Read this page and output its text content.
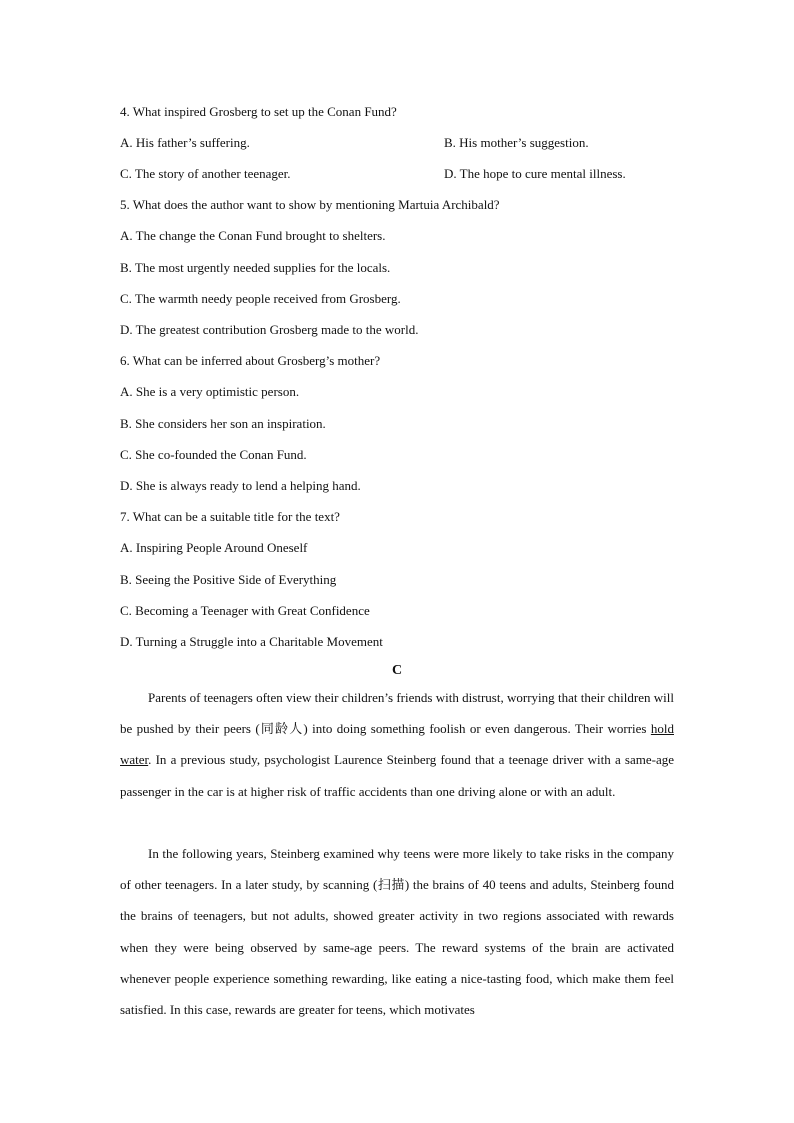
4. What inspired Grosberg to set up the Conan Fund?
A. His father’s suffering.	B. His mother’s suggestion.
C. The story of another teenager.	D. The hope to cure mental illness.
5. What does the author want to show by mentioning Martuia Archibald?
A. The change the Conan Fund brought to shelters.
B. The most urgently needed supplies for the locals.
C. The warmth needy people received from Grosberg.
D. The greatest contribution Grosberg made to the world.
6. What can be inferred about Grosberg’s mother?
A. She is a very optimistic person.
B. She considers her son an inspiration.
C. She co-founded the Conan Fund.
D. She is always ready to lend a helping hand.
7. What can be a suitable title for the text?
A. Inspiring People Around Oneself
B. Seeing the Positive Side of Everything
C. Becoming a Teenager with Great Confidence
D. Turning a Struggle into a Charitable Movement
C

Parents of teenagers often view their children’s friends with distrust, worrying that their children will be pushed by their peers (同龄人) into doing something foolish or even dangerous. Their worries hold water. In a previous study, psychologist Laurence Steinberg found that a teenage driver with a same-age passenger in the car is at higher risk of traffic accidents than one driving alone or with an adult.

In the following years, Steinberg examined why teens were more likely to take risks in the company of other teenagers. In a later study, by scanning (扫描) the brains of 40 teens and adults, Steinberg found the brains of teenagers, but not adults, showed greater activity in two regions associated with rewards when they were being observed by same-age peers. The reward systems of the brain are activated whenever people experience something rewarding, like eating a nice-tasting food, which make them feel satisfied. In this case, rewards are greater for teens, which motivates
